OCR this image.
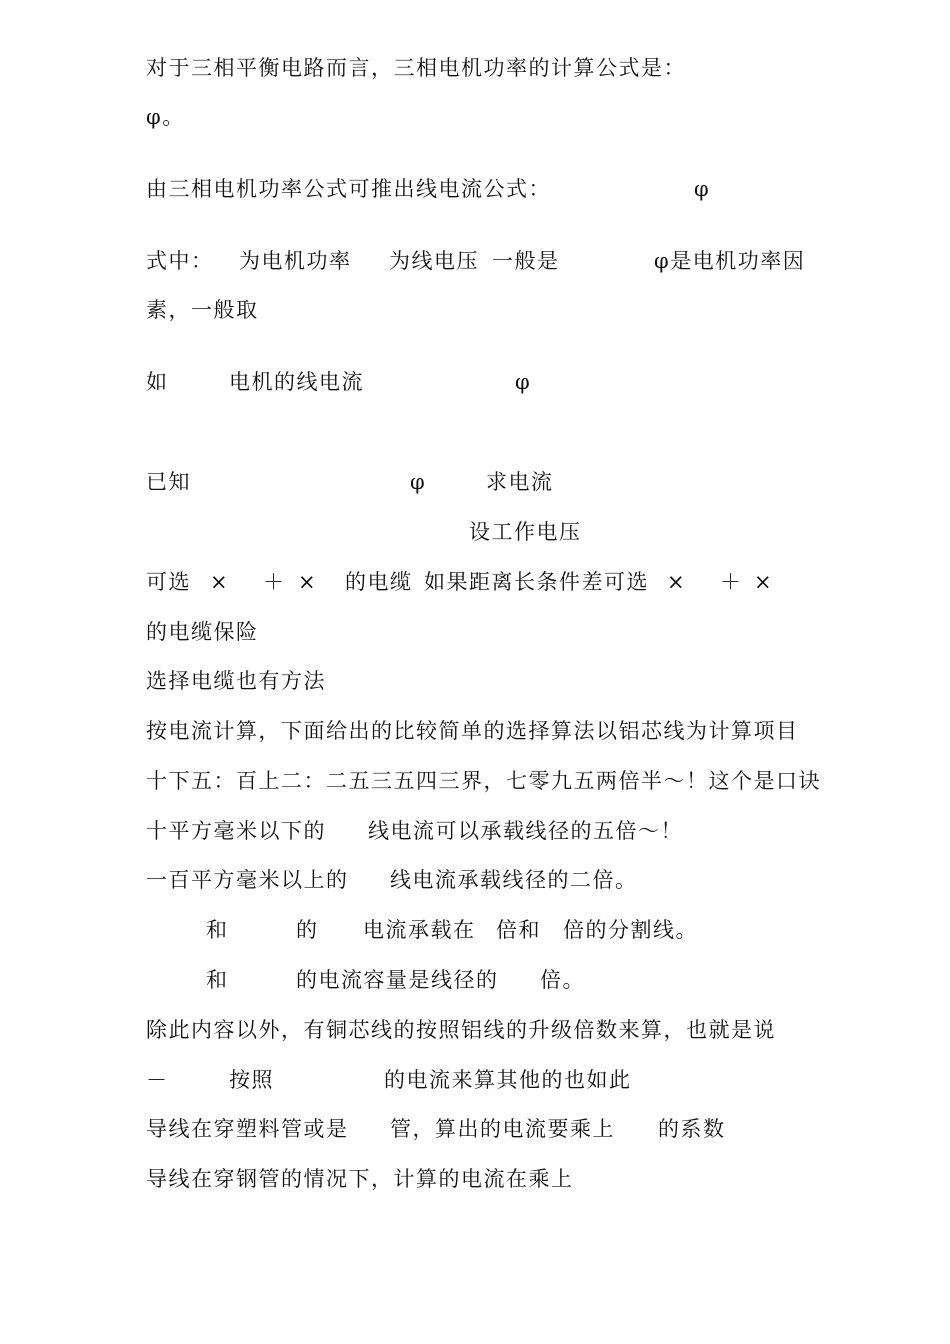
对于三相平衡电路而言，三相电机功率的计算公式是：
φ。
由三相电机功率公式可推出线电流公式：	φ
式中： 为电机功率 为线电压 一般是	φ是电机功率因
素，一般取
如	电机的线电流	φ
已知	φ	求电流
设工作电压
可选 × ＋ × 的电缆 如果距离长条件差可选 × ＋ ×
的电缆保险
选择电缆也有方法
按电流计算，下面给出的比较简单的选择算法以铝芯线为计算项目
十下五：百上二：二五三五四三界，七零九五两倍半～！这个是口诀
十平方毫米以下的 线电流可以承载线径的五倍～！
一百平方毫米以上的 线电流承载线径的二倍。
和	的 电流承载在 倍和 倍的分割线。
和	的电流容量是线径的 倍。
除此内容以外，有铜芯线的按照铝线的升级倍数来算，也就是说
－	按照	的电流来算其他的也如此
导线在穿塑料管或是 管，算出的电流要乘上 的系数
导线在穿钢管的情况下，计算的电流在乘上
